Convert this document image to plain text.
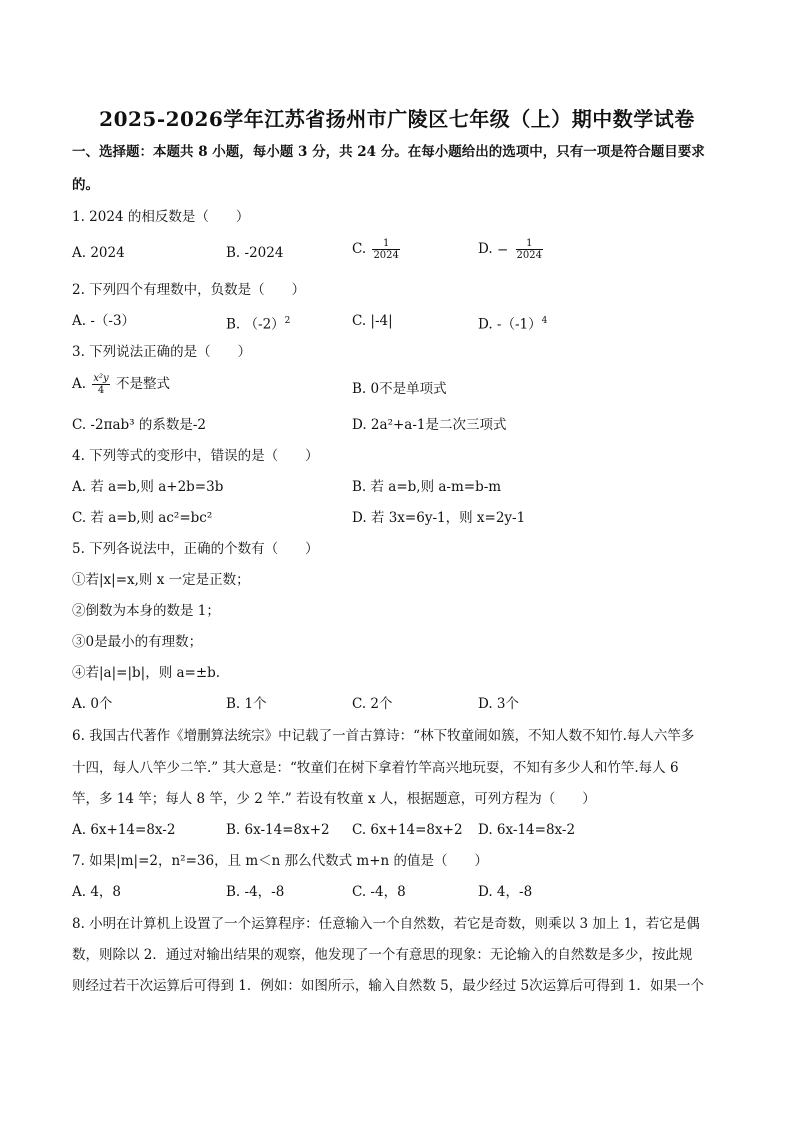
2025-2026学年江苏省扬州市广陵区七年级（上）期中数学试卷
一、选择题：本题共 8 小题，每小题 3 分，共 24 分。在每小题给出的选项中，只有一项是符合题目要求
的。
1. 2024 的相反数是（　　）
A. 2024	B. -2024	C. $\frac{1}{2024}$	D. − $\frac{1}{2024}$
2. 下列四个有理数中，负数是（　　）
A. -（-3）	B. $(-2)^2$	C. |-4|	D. $-(-1)^4$
3. 下列说法正确的是（　　）
A. $\frac{\text{x²y}}{4}$ 不是整式	B. 0不是单项式
C. -2πab³ 的系数是-2	D. 2a²+a-1是二次三项式
4. 下列等式的变形中，错误的是（　　）
A. 若 a=b,则 a+2b=3b	B. 若 a=b,则 a-m=b-m
C. 若 a=b,则 ac²=bc²	D. 若 3x=6y-1，则 x=2y-1
5. 下列各说法中，正确的个数有（　　）
①若|x|=x,则 x 一定是正数；
②倒数为本身的数是 1；
③0是最小的有理数；
④若|a|=|b|，则 a=±b.
A. 0个	B. 1个	C. 2个	D. 3个
6. 我国古代著作《增删算法统宗》中记载了一首古算诗：“林下牧童闹如簇，不知人数不知竹.每人六竿多
十四，每人八竿少二竿.” 其大意是：“牧童们在树下拿着竹竿高兴地玩耍，不知有多少人和竹竿.每人 6
竿，多 14 竿；每人 8 竿，少 2 竿.” 若设有牧童 x 人，根据题意，可列方程为（　　）
A. 6x+14=8x-2	B. 6x-14=8x+2 C. 6x+14=8x+2 D. 6x-14=8x-2
7. 如果|m|=2，n²=36，且 m＜n 那么代数式 m+n 的值是（　　）
A. 4，8	B. -4，-8	C. -4，8	D. 4，-8
8. 小明在计算机上设置了一个运算程序：任意输入一个自然数，若它是奇数，则乘以 3 加上 1，若它是偶
数，则除以 2．通过对输出结果的观察，他发现了一个有意思的现象：无论输入的自然数是多少，按此规
则经过若干次运算后可得到 1．例如：如图所示，输入自然数 5，最少经过 5次运算后可得到 1．如果一个
